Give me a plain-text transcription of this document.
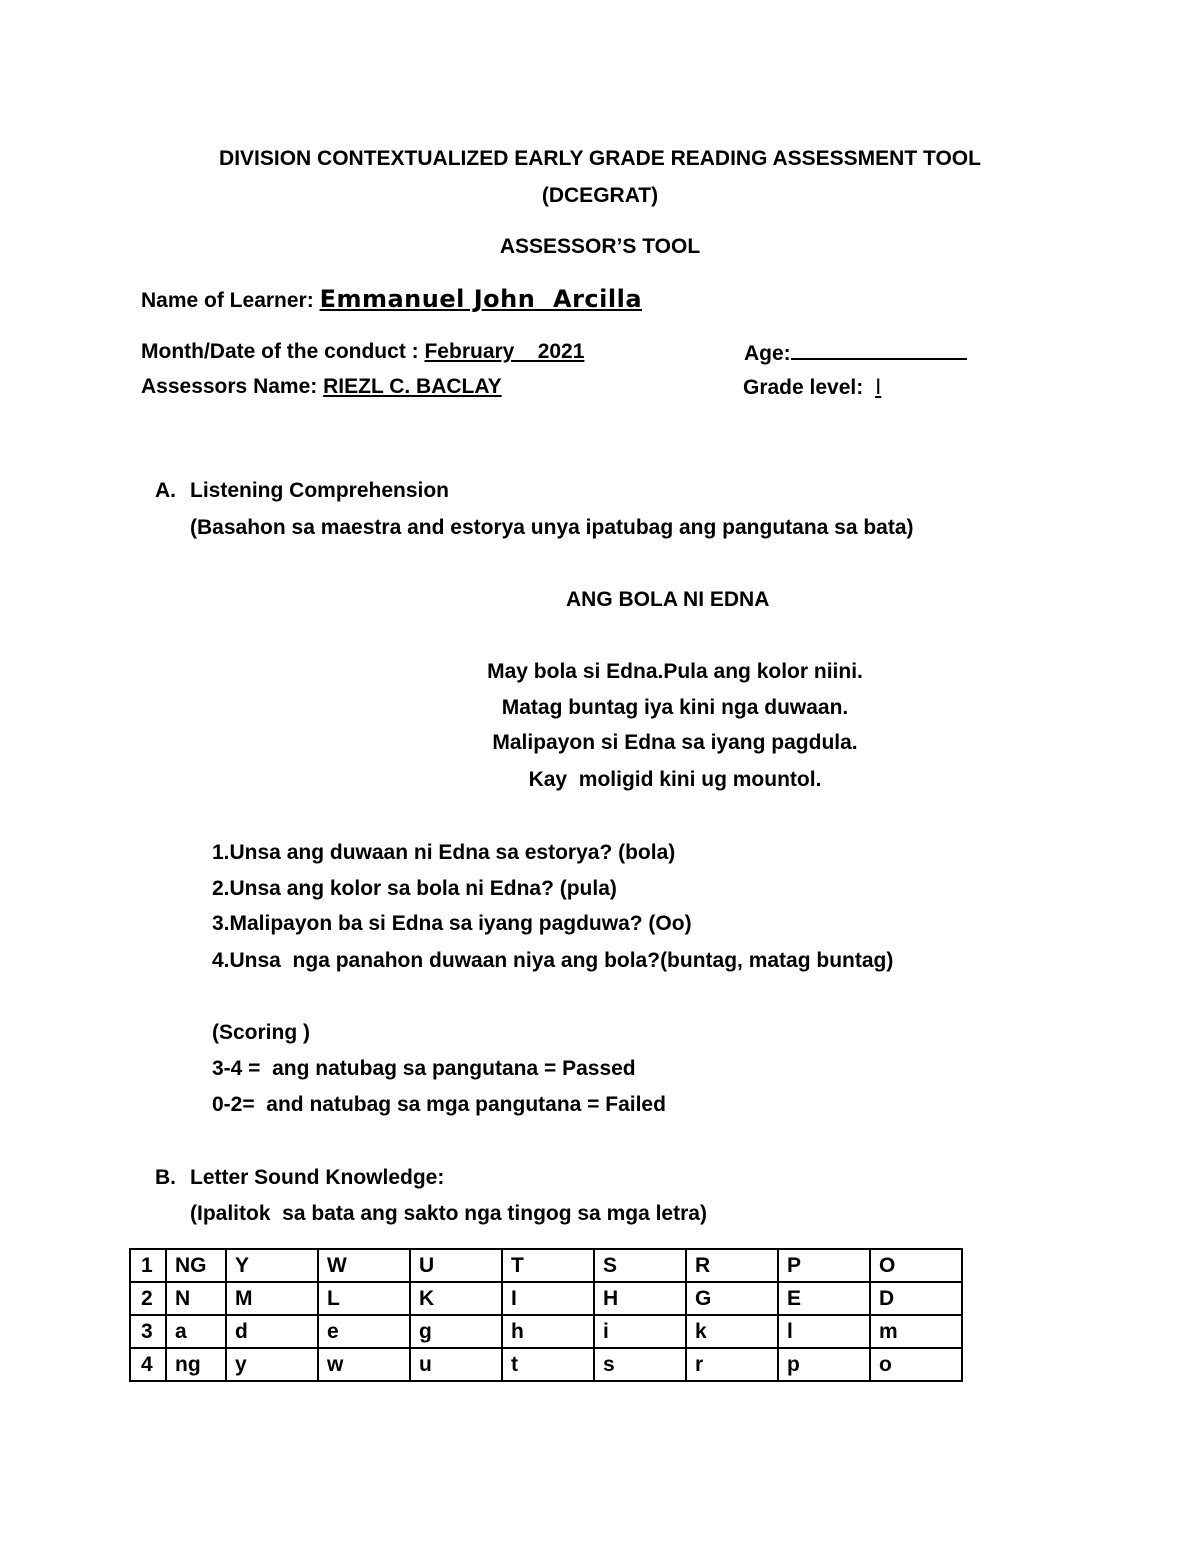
DIVISION CONTEXTUALIZED EARLY GRADE READING ASSESSMENT TOOL
(DCEGRAT)
ASSESSOR’S TOOL
Name of Learner: Emmanuel John  Arcilla
Month/Date of the conduct : February    2021	Age:
Assessors Name: RIEZL C. BACLAY	Grade level: I
A. Listening Comprehension
(Basahon sa maestra and estorya unya ipatubag ang pangutana sa bata)
ANG BOLA NI EDNA
May bola si Edna.Pula ang kolor niini.
Matag buntag iya kini nga duwaan.
Malipayon si Edna sa iyang pagdula.
Kay  moligid kini ug mountol.
1.Unsa ang duwaan ni Edna sa estorya? (bola)
2.Unsa ang kolor sa bola ni Edna? (pula)
3.Malipayon ba si Edna sa iyang pagduwa? (Oo)
4.Unsa  nga panahon duwaan niya ang bola?(buntag, matag buntag)
(Scoring )
3-4 =  ang natubag sa pangutana = Passed
0-2=  and natubag sa mga pangutana = Failed
B. Letter Sound Knowledge:
(Ipalitok  sa bata ang sakto nga tingog sa mga letra)
1	NG	Y	W	U	T	S	R	P	O
2	N	M	L	K	I	H	G	E	D
3	a	d	e	g	h	i	k	l	m
4	ng	y	w	u	t	s	r	p	o
